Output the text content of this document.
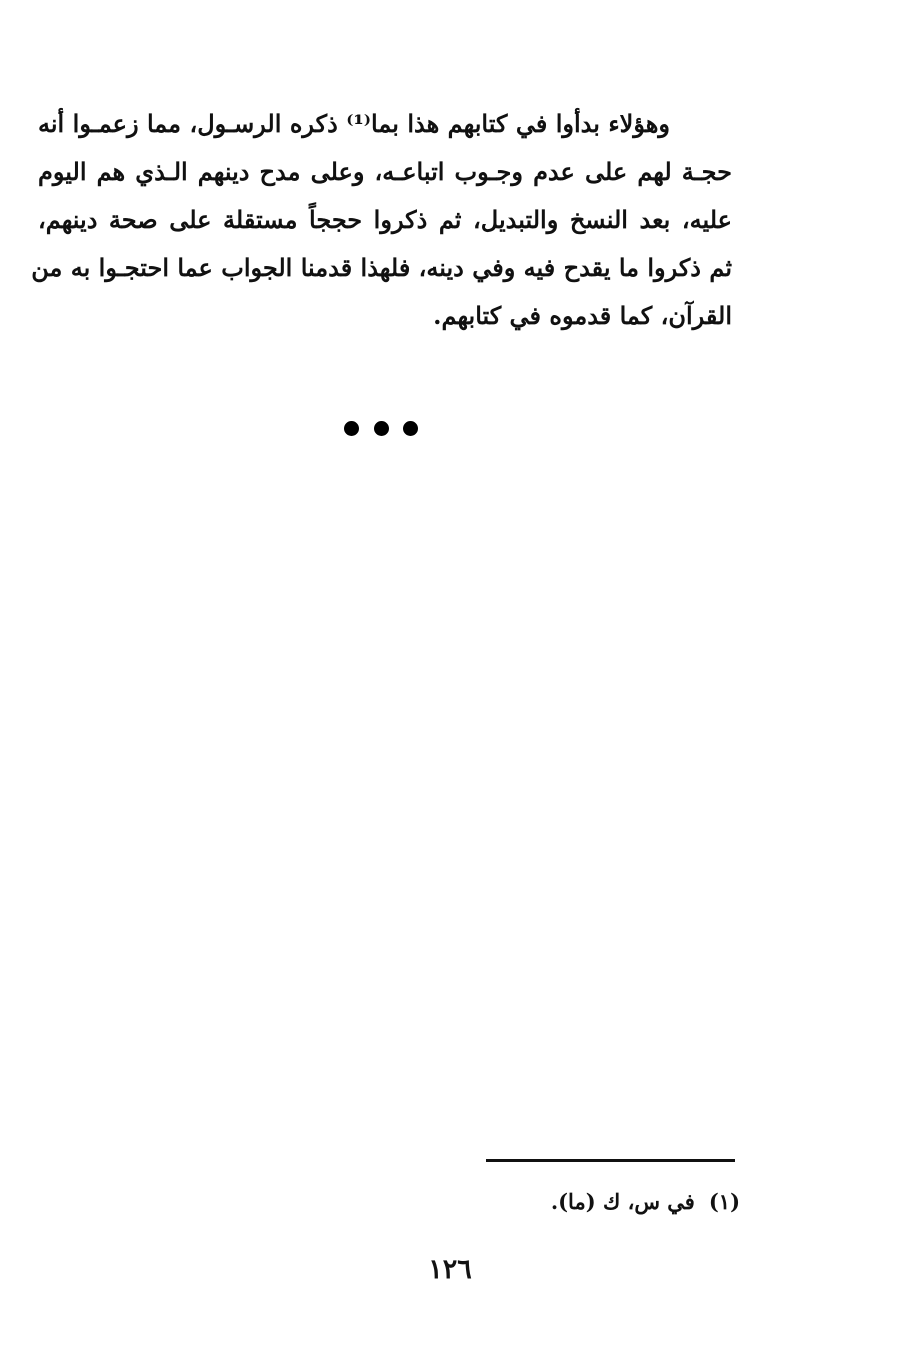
وهؤلاء بدأوا في كتابهم هذا بما⁽¹⁾ ذكره الرسـول، مما زعمـوا أنه
حجـة لهم على عدم وجـوب اتباعـه، وعلى مدح دينهم الـذي هم اليوم
عليه، بعد النسخ والتبديل، ثم ذكروا حججاً مستقلة على صحة دينهم،
ثم ذكروا ما يقدح فيه وفي دينه، فلهذا قدمنا الجواب عما احتجـوا به من
القرآن، كما قدموه في كتابهم.
(١)في س، ك (ما).
١٢٦
